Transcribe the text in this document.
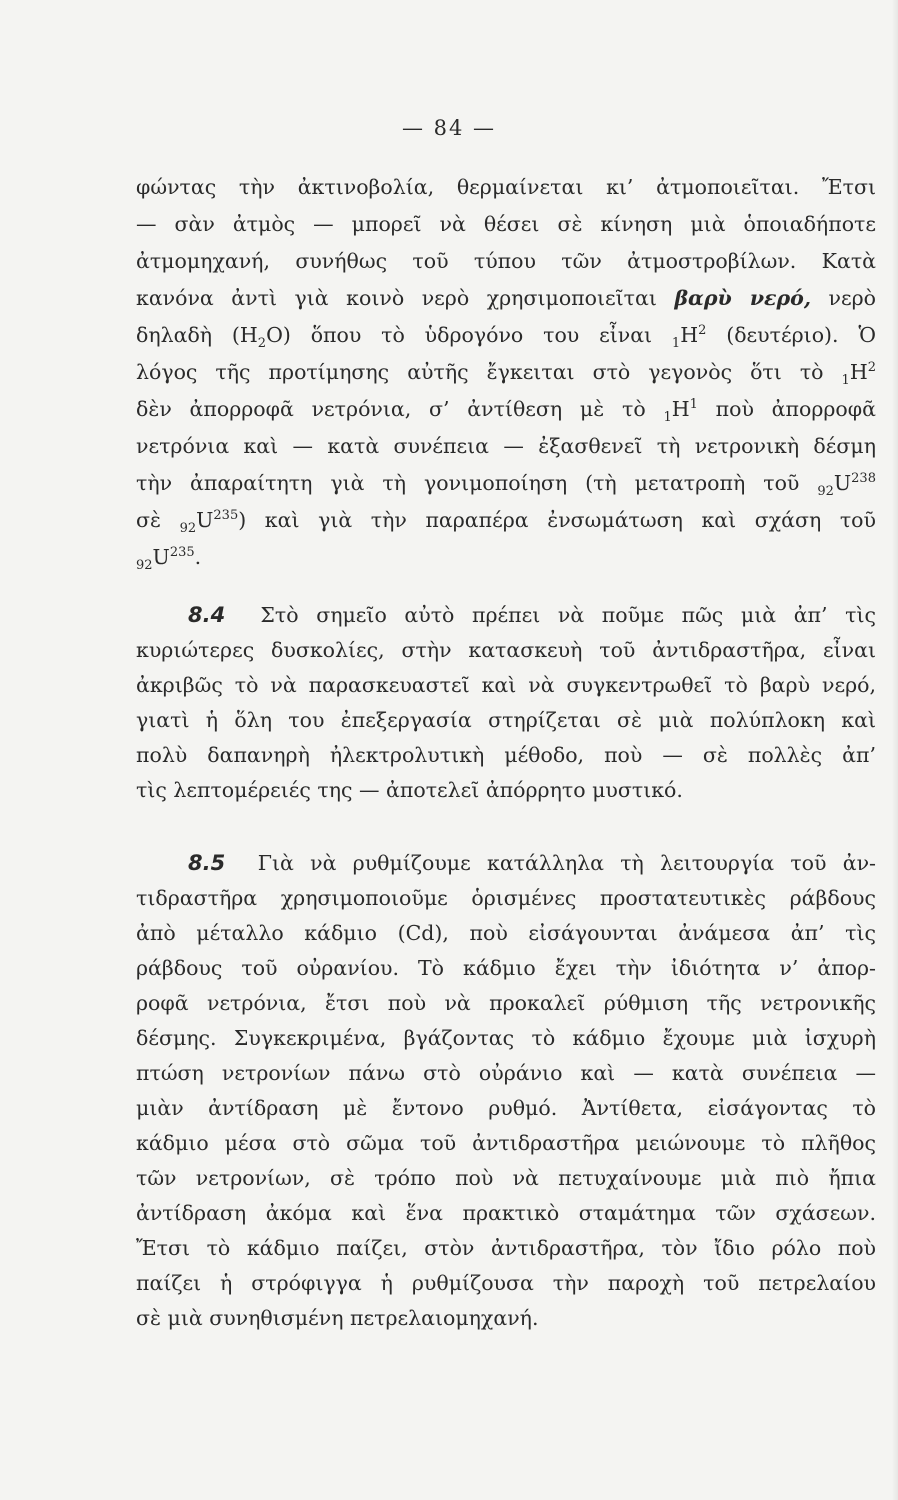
— 84 —
φώντας τὴν ἀκτινοβολία, θερμαίνεται κι’ ἀτμοποιεῖται. Ἔτσι
— σὰν ἀτμὸς — μπορεῖ νὰ θέσει σὲ κίνηση μιὰ ὁποιαδήποτε
ἀτμομηχανή, συνήθως τοῦ τύπου τῶν ἀτμοστροβίλων. Κατὰ
κανόνα ἀντὶ γιὰ κοινὸ νερὸ χρησιμοποιεῖται βαρὺ νερό, νερὸ
δηλαδὴ $(H_2O)$ ὅπου τὸ ὑδρογόνο του εἶναι $_1H^2$ (δευτέριο). Ὁ
λόγος τῆς προτίμησης αὐτῆς ἔγκειται στὸ γεγονὸς ὅτι τὸ $_1H^2$
δὲν ἀπορροφᾶ νετρόνια, σ’ ἀντίθεση μὲ τὸ $_1H^1$ ποὺ ἀπορροφᾶ
νετρόνια καὶ — κατὰ συνέπεια — ἐξασθενεῖ τὴ νετρονικὴ δέσμη
τὴν ἀπαραίτητη γιὰ τὴ γονιμοποίηση (τὴ μετατροπὴ τοῦ $_{92}U^{238}$
σὲ $_{92}U^{235}$) καὶ γιὰ τὴν παραπέρα ἐνσωμάτωση καὶ σχάση τοῦ
$_{92}U^{235}$.
8.4 Στὸ σημεῖο αὐτὸ πρέπει νὰ ποῦμε πῶς μιὰ ἀπ’ τὶς
κυριώτερες δυσκολίες, στὴν κατασκευὴ τοῦ ἀντιδραστῆρα, εἶναι
ἀκριβῶς τὸ νὰ παρασκευαστεῖ καὶ νὰ συγκεντρωθεῖ τὸ βαρὺ νερό,
γιατὶ ἡ ὅλη του ἐπεξεργασία στηρίζεται σὲ μιὰ πολύπλοκη καὶ
πολὺ δαπανηρὴ ἠλεκτρολυτικὴ μέθοδο, ποὺ — σὲ πολλὲς ἀπ’
τὶς λεπτομέρειές της — ἀποτελεῖ ἀπόρρητο μυστικό.
8.5 Γιὰ νὰ ρυθμίζουμε κατάλληλα τὴ λειτουργία τοῦ ἀν-
τιδραστῆρα χρησιμοποιοῦμε ὁρισμένες προστατευτικὲς ράβδους
ἀπὸ μέταλλο κάδμιο (Cd), ποὺ εἰσάγουνται ἀνάμεσα ἀπ’ τὶς
ράβδους τοῦ οὐρανίου. Τὸ κάδμιο ἔχει τὴν ἰδιότητα ν’ ἀπορ-
ροφᾶ νετρόνια, ἔτσι ποὺ νὰ προκαλεῖ ρύθμιση τῆς νετρονικῆς
δέσμης. Συγκεκριμένα, βγάζοντας τὸ κάδμιο ἔχουμε μιὰ ἰσχυρὴ
πτώση νετρονίων πάνω στὸ οὐράνιο καὶ — κατὰ συνέπεια —
μιὰν ἀντίδραση μὲ ἔντονο ρυθμό. Ἀντίθετα, εἰσάγοντας τὸ
κάδμιο μέσα στὸ σῶμα τοῦ ἀντιδραστῆρα μειώνουμε τὸ πλῆθος
τῶν νετρονίων, σὲ τρόπο ποὺ νὰ πετυχαίνουμε μιὰ πιὸ ἤπια
ἀντίδραση ἀκόμα καὶ ἕνα πρακτικὸ σταμάτημα τῶν σχάσεων.
Ἔτσι τὸ κάδμιο παίζει, στὸν ἀντιδραστῆρα, τὸν ἴδιο ρόλο ποὺ
παίζει ἡ στρόφιγγα ἡ ρυθμίζουσα τὴν παροχὴ τοῦ πετρελαίου
σὲ μιὰ συνηθισμένη πετρελαιομηχανή.
